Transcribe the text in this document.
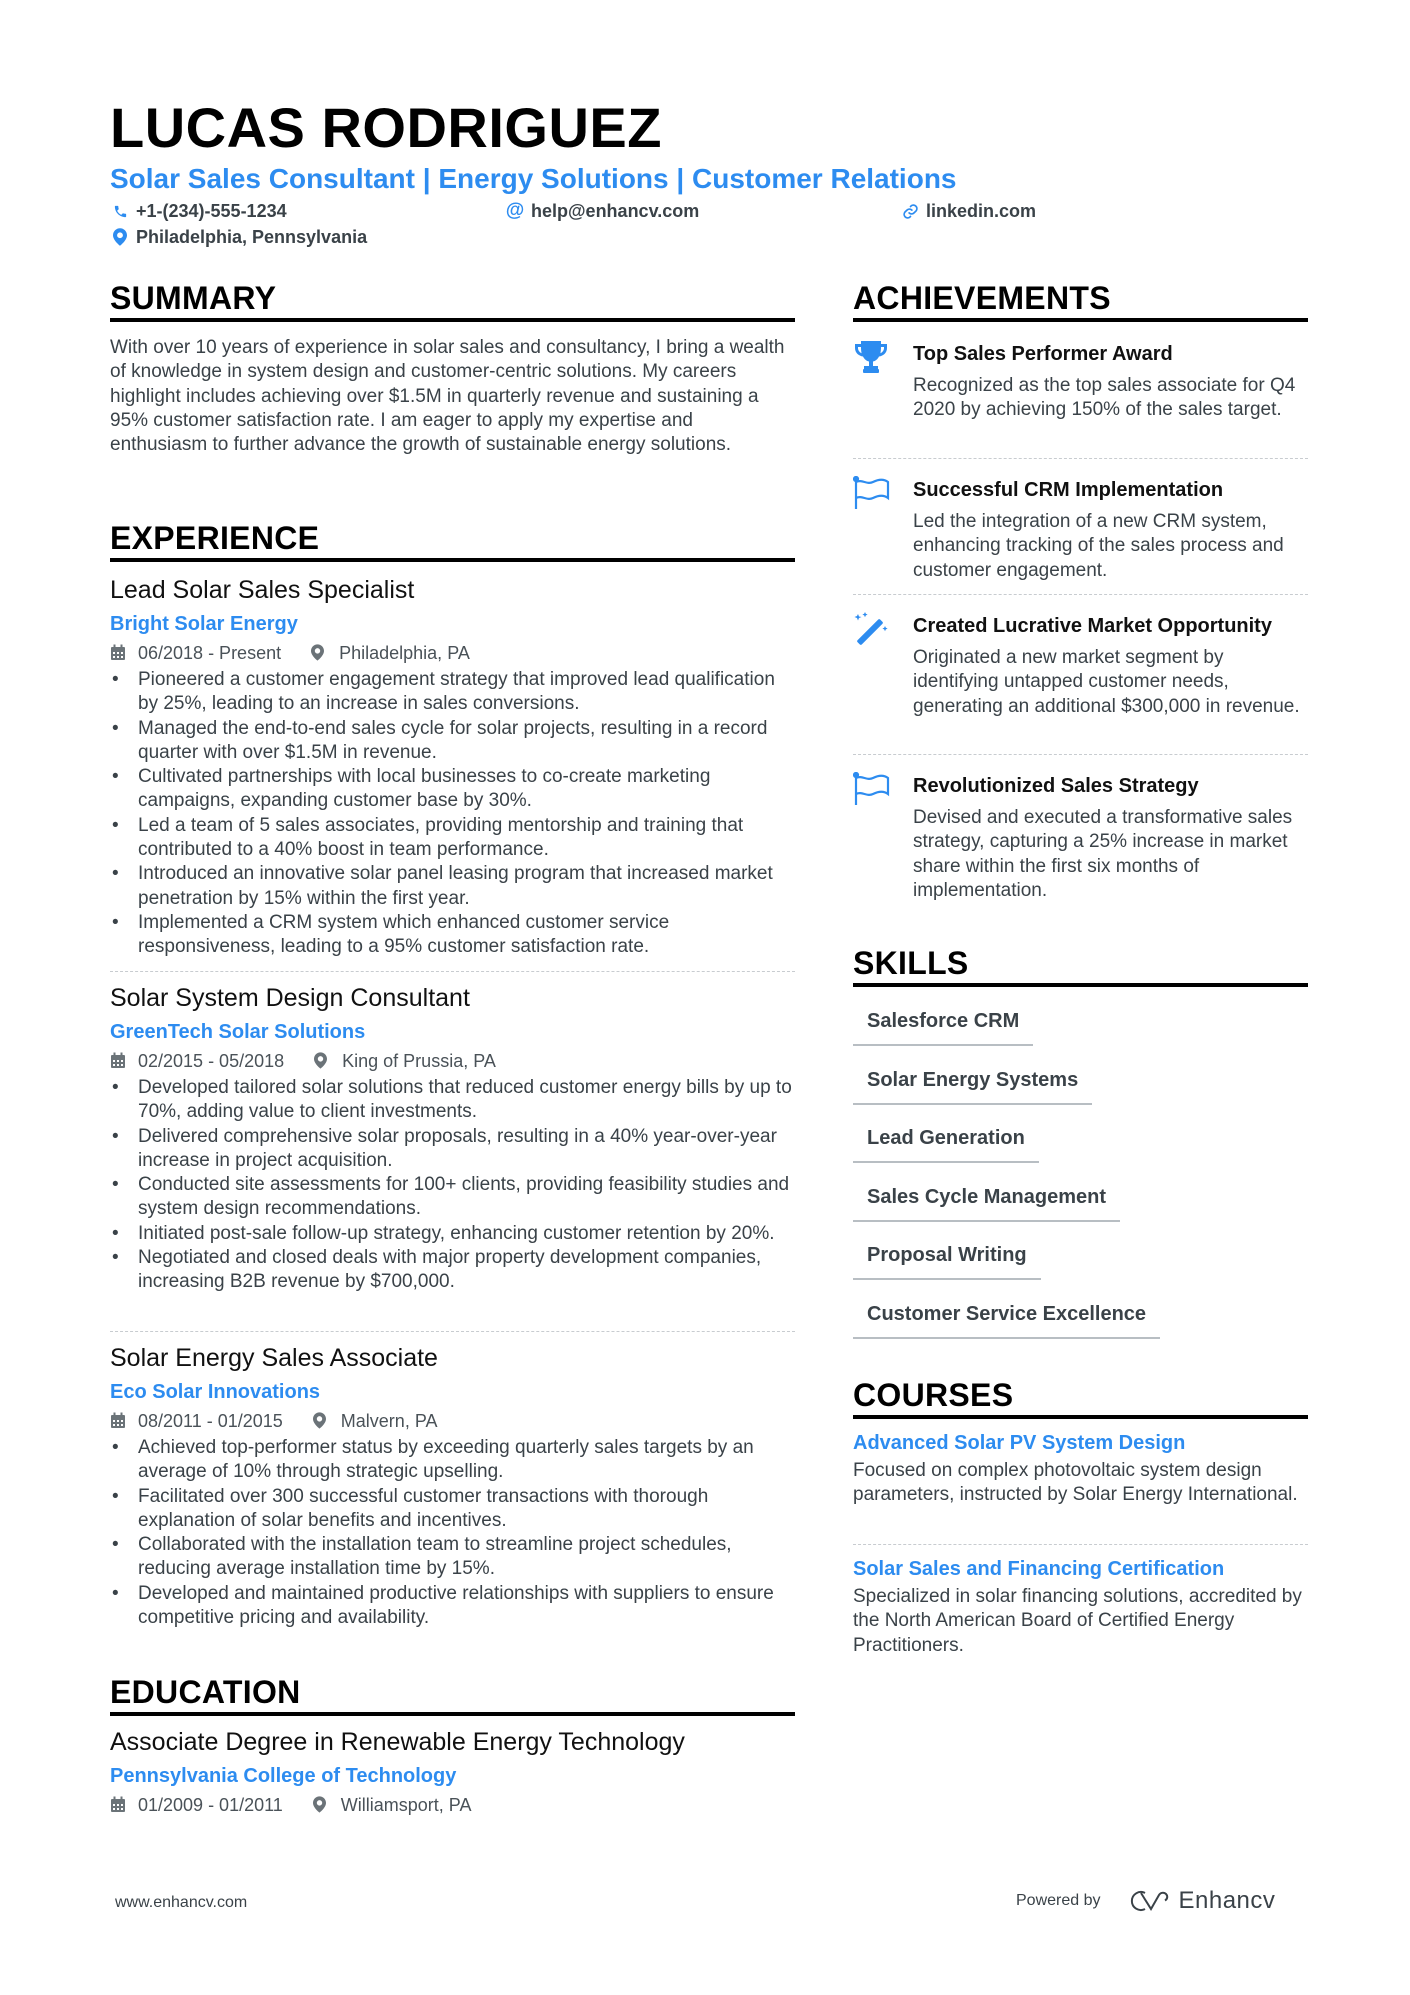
LUCAS RODRIGUEZ
Solar Sales Consultant | Energy Solutions | Customer Relations
+1-(234)-555-1234	@ help@enhancv.com	linkedin.com
Philadelphia, Pennsylvania
SUMMARY
With over 10 years of experience in solar sales and consultancy, I bring a wealth of knowledge in system design and customer-centric solutions. My careers highlight includes achieving over $1.5M in quarterly revenue and sustaining a 95% customer satisfaction rate. I am eager to apply my expertise and enthusiasm to further advance the growth of sustainable energy solutions.
EXPERIENCE
Lead Solar Sales Specialist
Bright Solar Energy
06/2018 - Present	Philadelphia, PA
• Pioneered a customer engagement strategy that improved lead qualification by 25%, leading to an increase in sales conversions.
• Managed the end-to-end sales cycle for solar projects, resulting in a record quarter with over $1.5M in revenue.
• Cultivated partnerships with local businesses to co-create marketing campaigns, expanding customer base by 30%.
• Led a team of 5 sales associates, providing mentorship and training that contributed to a 40% boost in team performance.
• Introduced an innovative solar panel leasing program that increased market penetration by 15% within the first year.
• Implemented a CRM system which enhanced customer service responsiveness, leading to a 95% customer satisfaction rate.
Solar System Design Consultant
GreenTech Solar Solutions
02/2015 - 05/2018	King of Prussia, PA
• Developed tailored solar solutions that reduced customer energy bills by up to 70%, adding value to client investments.
• Delivered comprehensive solar proposals, resulting in a 40% year-over-year increase in project acquisition.
• Conducted site assessments for 100+ clients, providing feasibility studies and system design recommendations.
• Initiated post-sale follow-up strategy, enhancing customer retention by 20%.
• Negotiated and closed deals with major property development companies, increasing B2B revenue by $700,000.
Solar Energy Sales Associate
Eco Solar Innovations
08/2011 - 01/2015	Malvern, PA
• Achieved top-performer status by exceeding quarterly sales targets by an average of 10% through strategic upselling.
• Facilitated over 300 successful customer transactions with thorough explanation of solar benefits and incentives.
• Collaborated with the installation team to streamline project schedules, reducing average installation time by 15%.
• Developed and maintained productive relationships with suppliers to ensure competitive pricing and availability.
EDUCATION
Associate Degree in Renewable Energy Technology
Pennsylvania College of Technology
01/2009 - 01/2011	Williamsport, PA
ACHIEVEMENTS
Top Sales Performer Award
Recognized as the top sales associate for Q4 2020 by achieving 150% of the sales target.
Successful CRM Implementation
Led the integration of a new CRM system, enhancing tracking of the sales process and customer engagement.
Created Lucrative Market Opportunity
Originated a new market segment by identifying untapped customer needs, generating an additional $300,000 in revenue.
Revolutionized Sales Strategy
Devised and executed a transformative sales strategy, capturing a 25% increase in market share within the first six months of implementation.
SKILLS
Salesforce CRM
Solar Energy Systems
Lead Generation
Sales Cycle Management
Proposal Writing
Customer Service Excellence
COURSES
Advanced Solar PV System Design
Focused on complex photovoltaic system design parameters, instructed by Solar Energy International.
Solar Sales and Financing Certification
Specialized in solar financing solutions, accredited by the North American Board of Certified Energy Practitioners.
www.enhancv.com	Powered by	Enhancv
